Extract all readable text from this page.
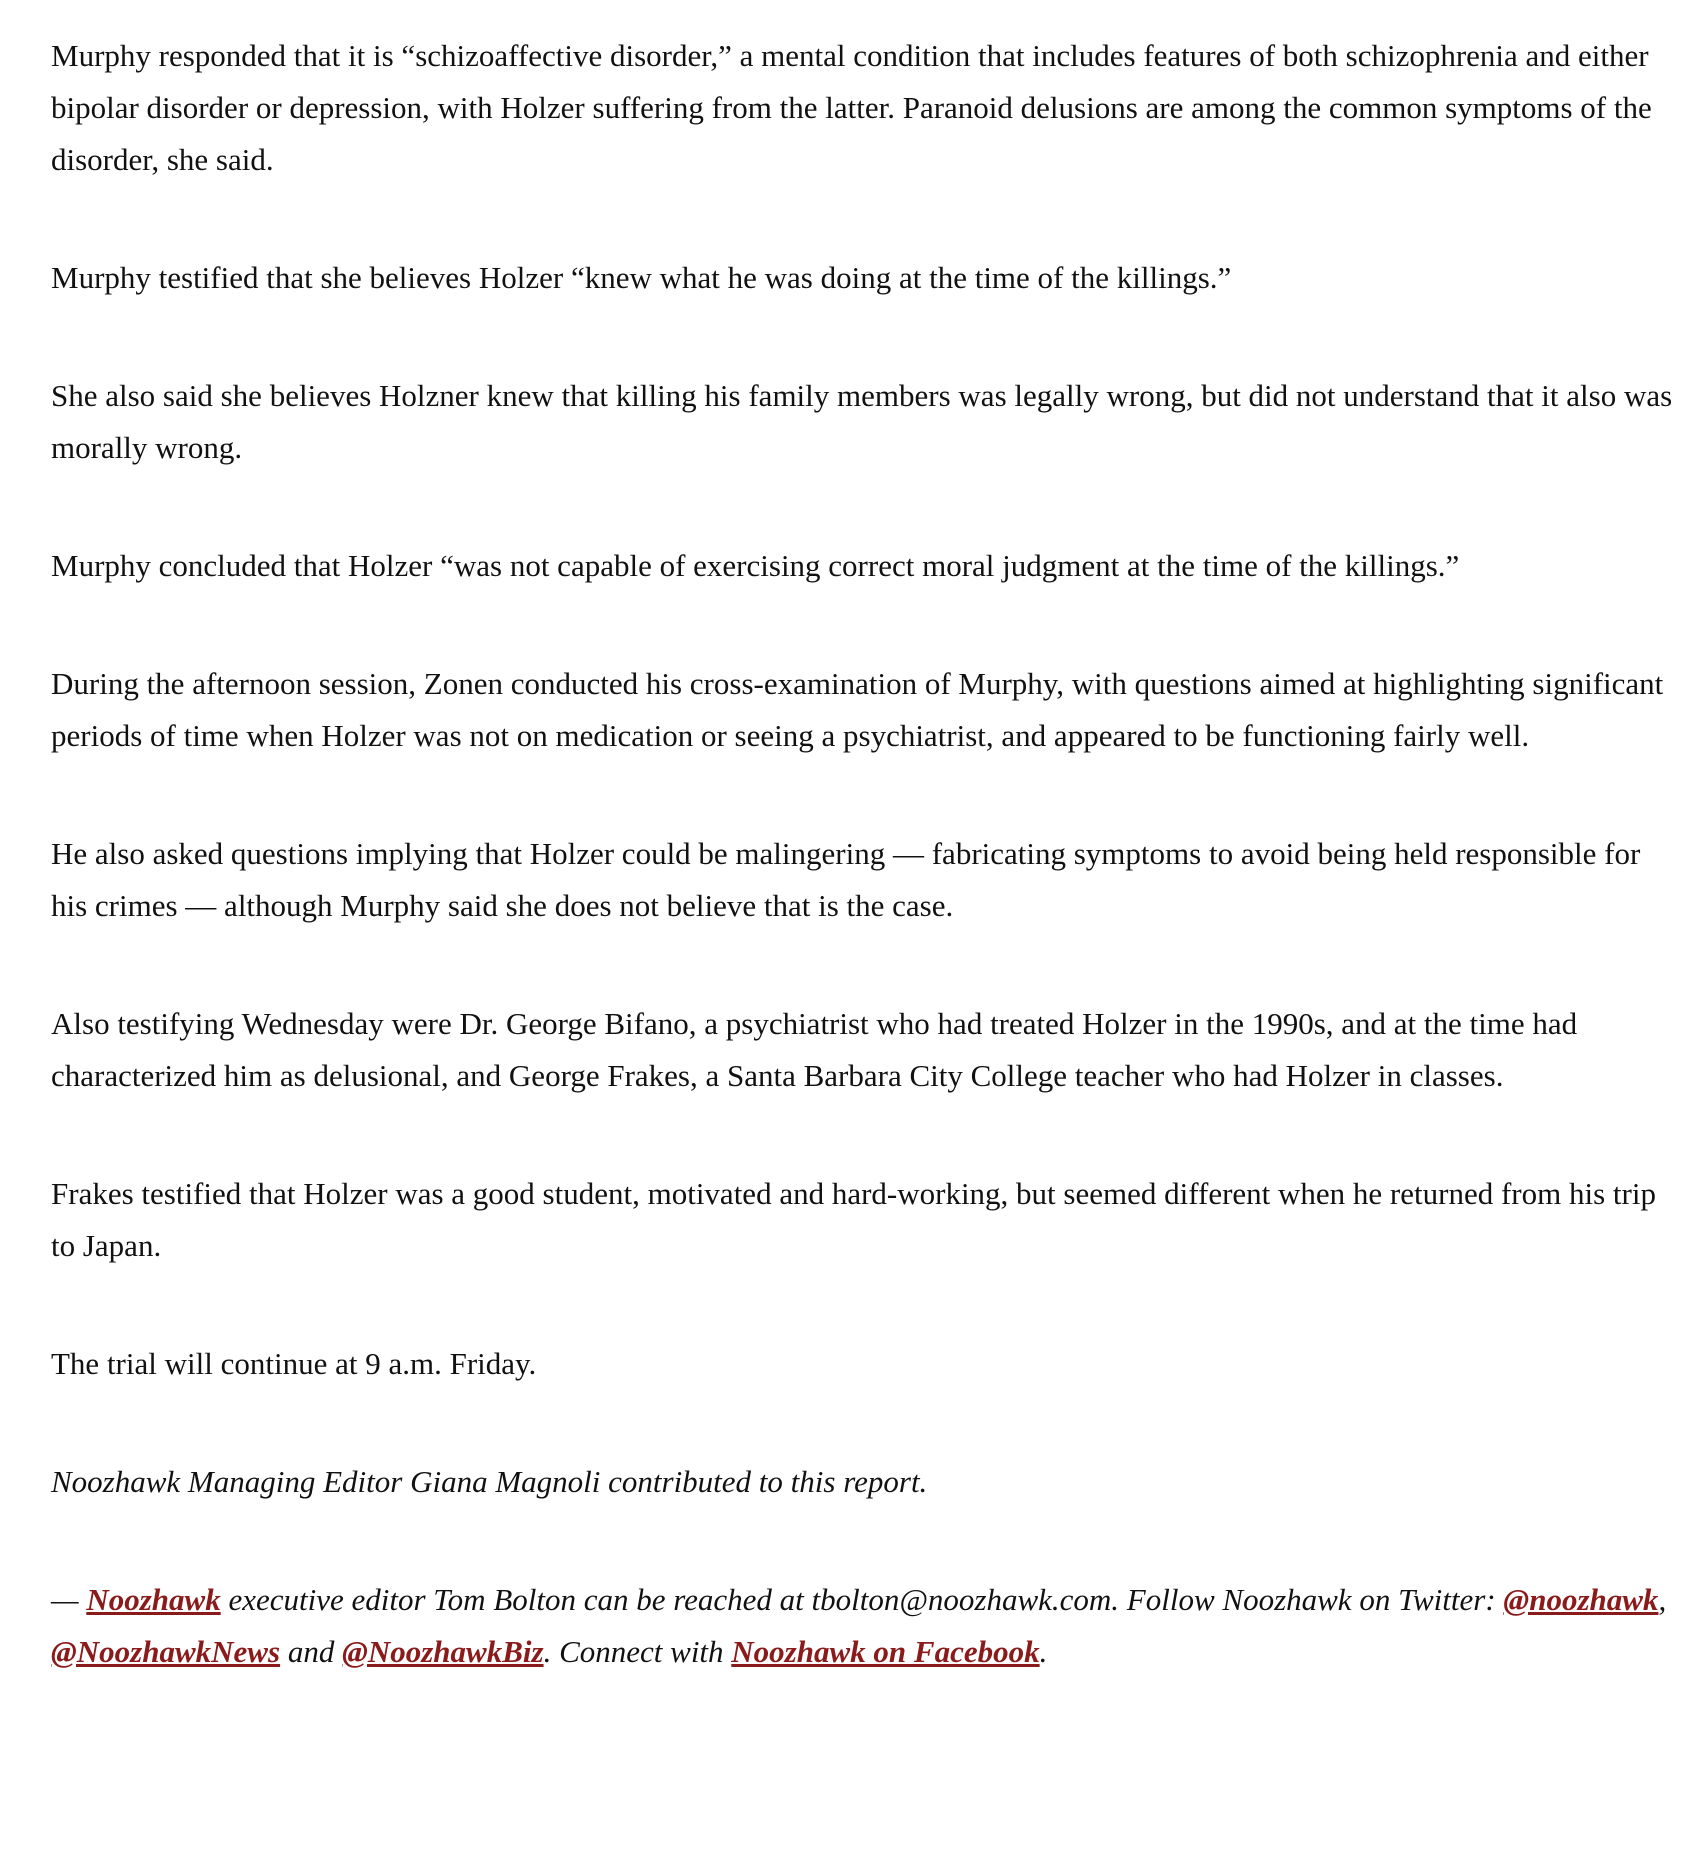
Murphy responded that it is “schizoaffective disorder,” a mental condition that includes features of both schizophrenia and either bipolar disorder or depression, with Holzer suffering from the latter. Paranoid delusions are among the common symptoms of the disorder, she said.

Murphy testified that she believes Holzer “knew what he was doing at the time of the killings.”

She also said she believes Holzner knew that killing his family members was legally wrong, but did not understand that it also was morally wrong.

Murphy concluded that Holzer “was not capable of exercising correct moral judgment at the time of the killings.”

During the afternoon session, Zonen conducted his cross-examination of Murphy, with questions aimed at highlighting significant periods of time when Holzer was not on medication or seeing a psychiatrist, and appeared to be functioning fairly well.

He also asked questions implying that Holzer could be malingering — fabricating symptoms to avoid being held responsible for his crimes — although Murphy said she does not believe that is the case.

Also testifying Wednesday were Dr. George Bifano, a psychiatrist who had treated Holzer in the 1990s, and at the time had characterized him as delusional, and George Frakes, a Santa Barbara City College teacher who had Holzer in classes.

Frakes testified that Holzer was a good student, motivated and hard-working, but seemed different when he returned from his trip to Japan.

The trial will continue at 9 a.m. Friday.

Noozhawk Managing Editor Giana Magnoli contributed to this report.

— Noozhawk executive editor Tom Bolton can be reached at tbolton@noozhawk.com. Follow Noozhawk on Twitter: @noozhawk, @NoozhawkNews and @NoozhawkBiz. Connect with Noozhawk on Facebook.
